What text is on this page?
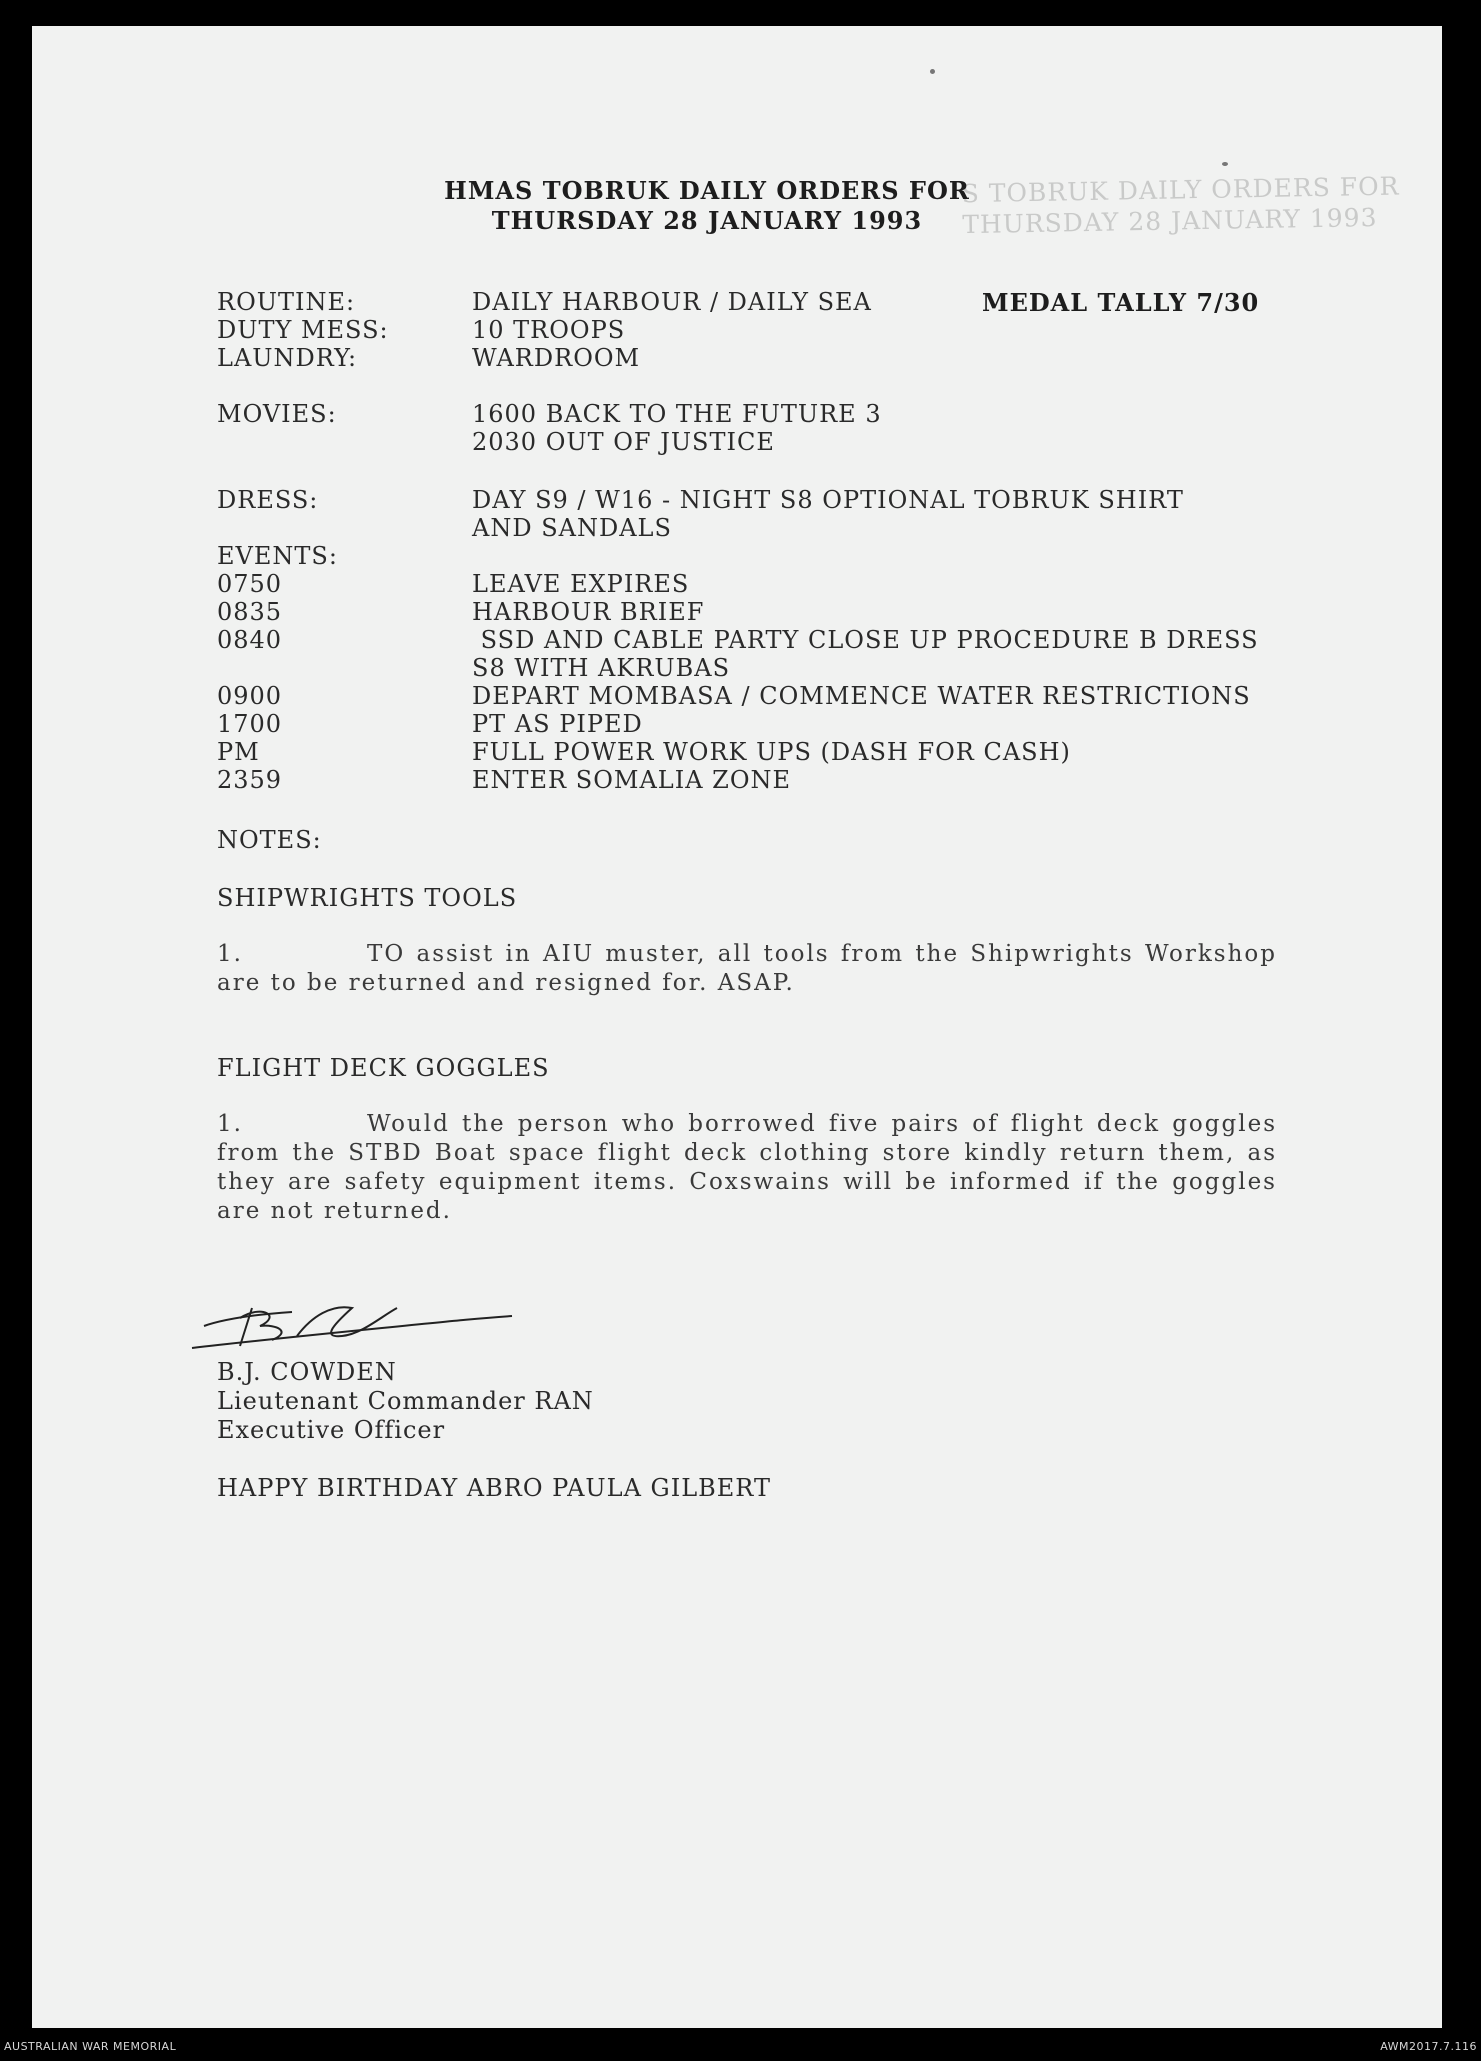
S TOBRUK DAILY ORDERS FOR
THURSDAY 28 JANUARY 1993
HMAS TOBRUK DAILY ORDERS FOR
THURSDAY 28 JANUARY 1993
ROUTINE:	DAILY HARBOUR / DAILY SEA	MEDAL TALLY 7/30
DUTY MESS:	10 TROOPS
LAUNDRY:	WARDROOM
MOVIES:	1600 BACK TO THE FUTURE 3
2030 OUT OF JUSTICE
DRESS:	DAY S9 / W16 - NIGHT S8 OPTIONAL TOBRUK SHIRT
AND SANDALS
EVENTS:
0750	LEAVE EXPIRES
0835	HARBOUR BRIEF
0840	SSD AND CABLE PARTY CLOSE UP PROCEDURE B DRESS
S8 WITH AKRUBAS
0900	DEPART MOMBASA / COMMENCE WATER RESTRICTIONS
1700	PT AS PIPED
PM	FULL POWER WORK UPS (DASH FOR CASH)
2359	ENTER SOMALIA ZONE
NOTES:
SHIPWRIGHTS TOOLS
1.	TO assist in AIU muster, all tools from the Shipwrights Workshop are to be returned and resigned for. ASAP.
FLIGHT DECK GOGGLES
1.	Would the person who borrowed five pairs of flight deck goggles from the STBD Boat space flight deck clothing store kindly return them, as they are safety equipment items. Coxswains will be informed if the goggles are not returned.
B.J. COWDEN
Lieutenant Commander RAN
Executive Officer
HAPPY BIRTHDAY ABRO PAULA GILBERT
AUSTRALIAN WAR MEMORIAL	AWM2017.7.116
